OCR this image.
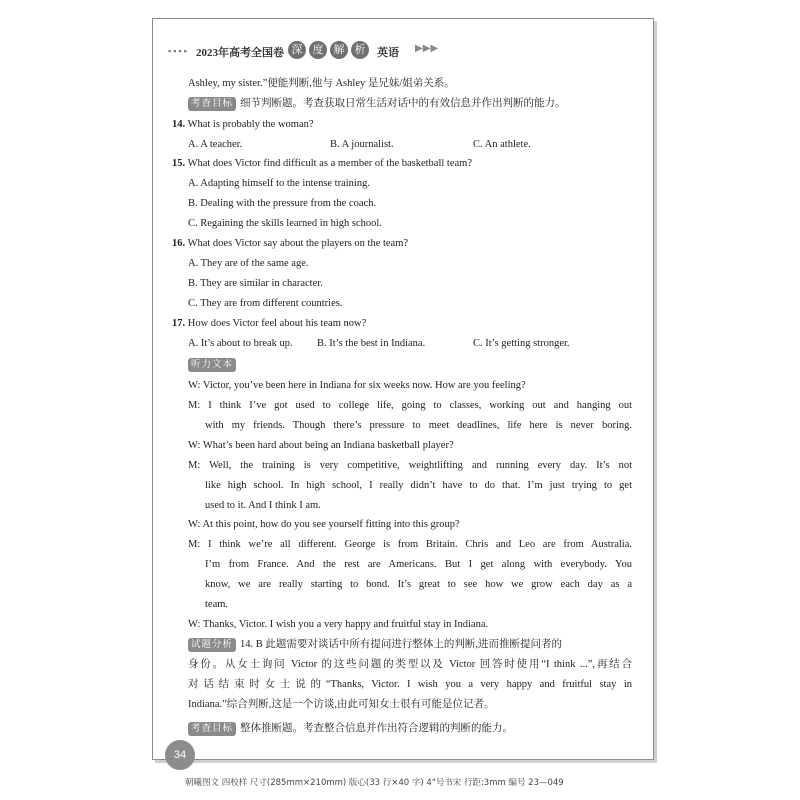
▪▪▪▪ 2023年高考全国卷 深 度 解 析	英语 ▶▶▶
Ashley, my sister.”便能判断,他与 Ashley 是兄妹/姐弟关系。
考查目标 细节判断题。考查获取日常生活对话中的有效信息并作出判断的能力。
14. What is probably the woman?
A. A teacher.	B. A journalist.	C. An athlete.
15. What does Victor find difficult as a member of the basketball team?
A. Adapting himself to the intense training.
B. Dealing with the pressure from the coach.
C. Regaining the skills learned in high school.
16. What does Victor say about the players on the team?
A. They are of the same age.
B. They are similar in character.
C. They are from different countries.
17. How does Victor feel about his team now?
A. It’s about to break up. B. It’s the best in Indiana.	C. It’s getting stronger.
听力文本
W: Victor, you’ve been here in Indiana for six weeks now. How are you feeling?
M: I think I’ve got used to college life, going to classes, working out and hanging out
with my friends. Though there’s pressure to meet deadlines, life here is never boring.
W: What’s been hard about being an Indiana basketball player?
M: Well, the training is very competitive, weightlifting and running every day. It’s not
like high school. In high school, I really didn’t have to do that. I’m just trying to get
used to it. And I think I am.
W: At this point, how do you see yourself fitting into this group?
M: I think we’re all different. George is from Britain. Chris and Leo are from Australia.
I’m from France. And the rest are Americans. But I get along with everybody. You
know, we are really starting to bond. It’s great to see how we grow each day as a
team.
W: Thanks, Victor. I wish you a very happy and fruitful stay in Indiana.
试题分析 14. B 此题需要对谈话中所有提问进行整体上的判断,进而推断提问者的
身份。从女士询问 Victor 的这些问题的类型以及 Victor 回答时使用“I think ...”,再结合
对话结束时女士说的“Thanks, Victor. I wish you a very happy and fruitful stay in
Indiana.”综合判断,这是一个访谈,由此可知女士很有可能是位记者。
考查目标 整体推断题。考查整合信息并作出符合逻辑的判断的能力。
34
朝曦图文 四校样 尺寸(285mm×210mm) 版心(33 行×40 字) 4"号书宋 行距:3mm 编号 23—049
